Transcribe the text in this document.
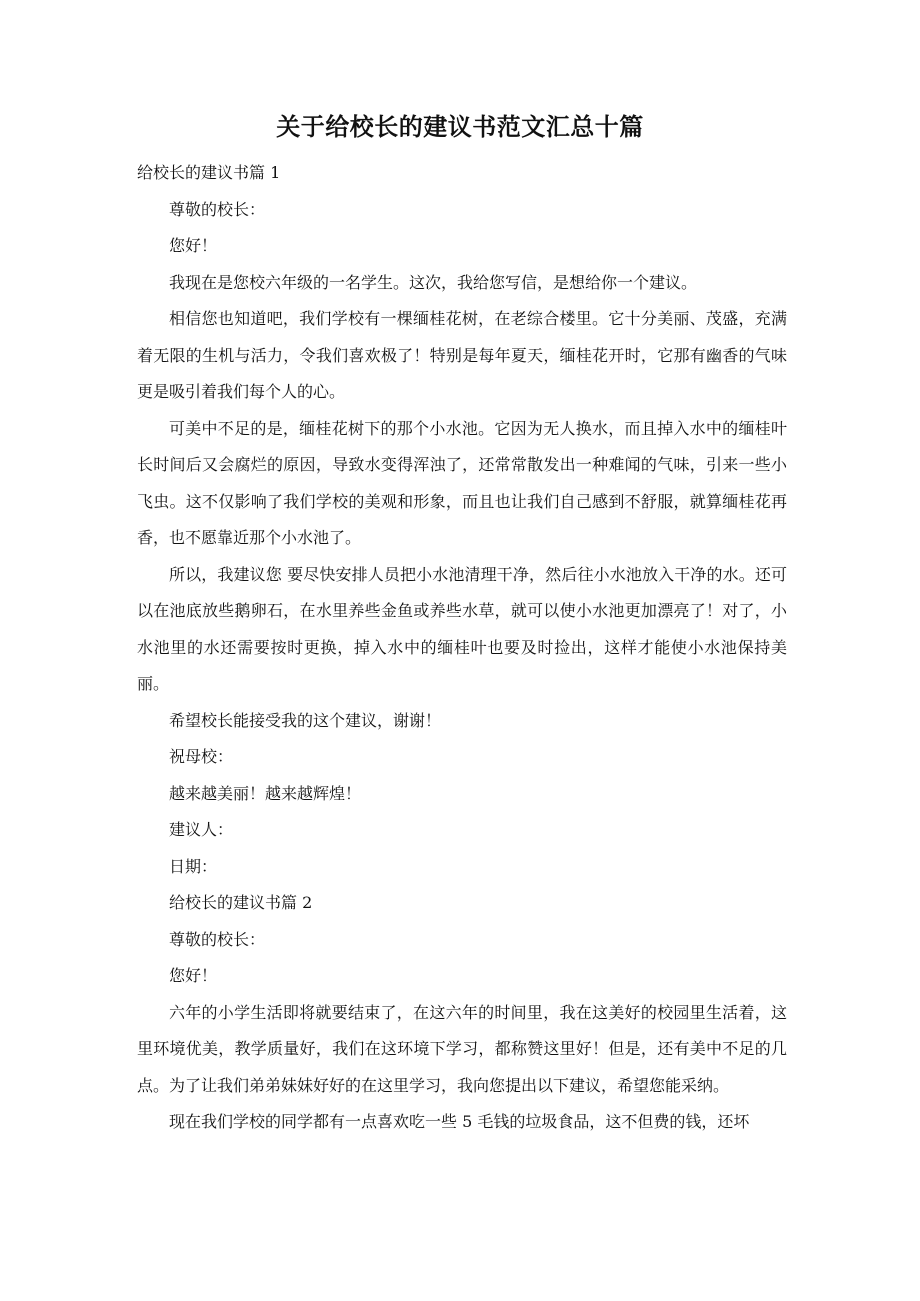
关于给校长的建议书范文汇总十篇

给校长的建议书篇 1

尊敬的校长：

您好！

我现在是您校六年级的一名学生。这次，我给您写信，是想给你一个建议。

相信您也知道吧，我们学校有一棵缅桂花树，在老综合楼里。它十分美丽、茂盛，充满着无限的生机与活力，令我们喜欢极了！特别是每年夏天，缅桂花开时，它那有幽香的气味更是吸引着我们每个人的心。

可美中不足的是，缅桂花树下的那个小水池。它因为无人换水，而且掉入水中的缅桂叶长时间后又会腐烂的原因，导致水变得浑浊了，还常常散发出一种难闻的气味，引来一些小飞虫。这不仅影响了我们学校的美观和形象，而且也让我们自己感到不舒服，就算缅桂花再香，也不愿靠近那个小水池了。

所以，我建议您 要尽快安排人员把小水池清理干净，然后往小水池放入干净的水。还可以在池底放些鹅卵石，在水里养些金鱼或养些水草，就可以使小水池更加漂亮了！对了，小水池里的水还需要按时更换，掉入水中的缅桂叶也要及时捡出，这样才能使小水池保持美丽。

希望校长能接受我的这个建议，谢谢！

祝母校：

越来越美丽！越来越辉煌！

建议人：

日期：

给校长的建议书篇 2

尊敬的校长：

您好！

六年的小学生活即将就要结束了，在这六年的时间里，我在这美好的校园里生活着，这里环境优美，教学质量好，我们在这环境下学习，都称赞这里好！但是，还有美中不足的几点。为了让我们弟弟妹妹好好的在这里学习，我向您提出以下建议，希望您能采纳。

现在我们学校的同学都有一点喜欢吃一些 5 毛钱的垃圾食品，这不但费的钱，还坏
